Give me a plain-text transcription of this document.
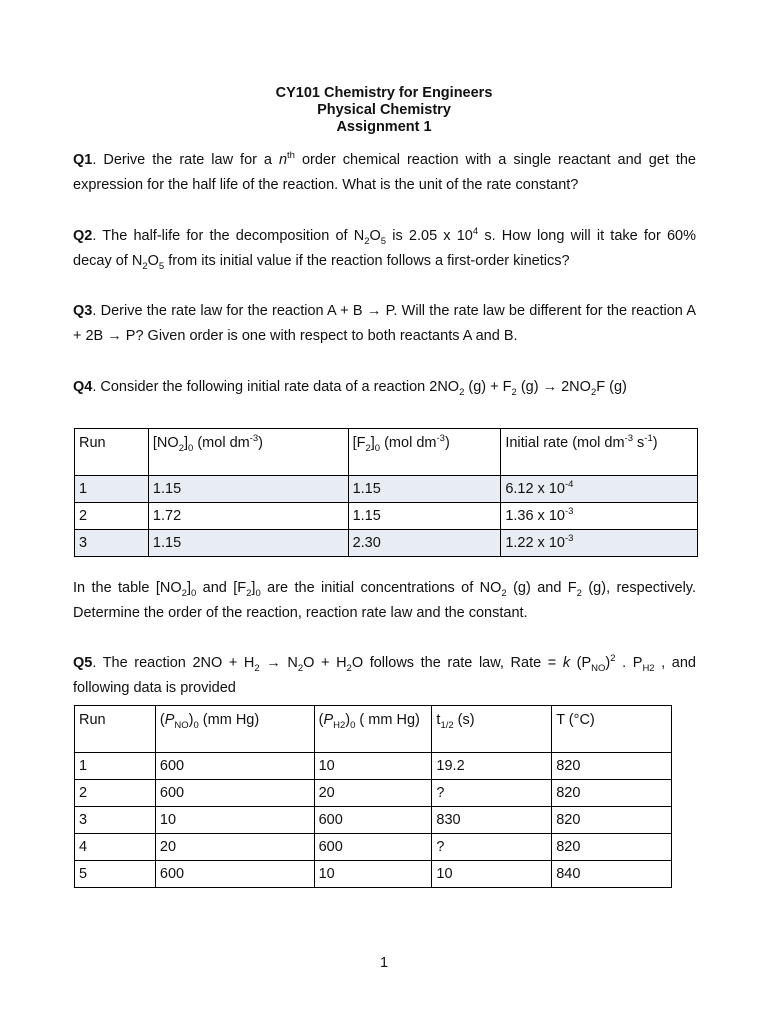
CY101 Chemistry for Engineers
Physical Chemistry
Assignment 1
Q1. Derive the rate law for a $n^{th}$ order chemical reaction with a single reactant and get the expression for the half life of the reaction. What is the unit of the rate constant?
Q2. The half-life for the decomposition of $N_2O_5$ is 2.05 x $10^4$ s. How long will it take for 60% decay of $N_2O_5$ from its initial value if the reaction follows a first-order kinetics?
Q3. Derive the rate law for the reaction A + B → P. Will the rate law be different for the reaction A + 2B → P? Given order is one with respect to both reactants A and B.
Q4. Consider the following initial rate data of a reaction $2NO_2$ $(g) + F_2$ $(g) \to 2NO_2F$ (g)
Run	$[NO_2]_0$ (mol $dm^{-3}$)	$[F_2]_0$ (mol $dm^{-3}$)	Initial rate (mol $dm^{-3}$ $s^{-1}$)
1	1.15	1.15	6.12 x $10^{-4}$
2	1.72	1.15	1.36 x $10^{-3}$
3	1.15	2.30	1.22 x $10^{-3}$
In the table $[NO_2]_0$ and $[F_2]_0$ are the initial concentrations of $NO_2$ (g) and $F_2$ (g), respectively. Determine the order of the reaction, reaction rate law and the constant.
Q5. The reaction $2NO + H_2 \to N_2O + H_2O$ follows the rate law, Rate = k $(P_{NO})^2$ . $P_{H2}$ , and following data is provided
Run	$(P_{NO})_0$ (mm Hg)	$(P_{H2})_0$ ( mm Hg)	$t_{1/2}$ (s)	T (°C)
1	600	10	19.2	820
2	600	20	?	820
3	10	600	830	820
4	20	600	?	820
5	600	10	10	840
1
